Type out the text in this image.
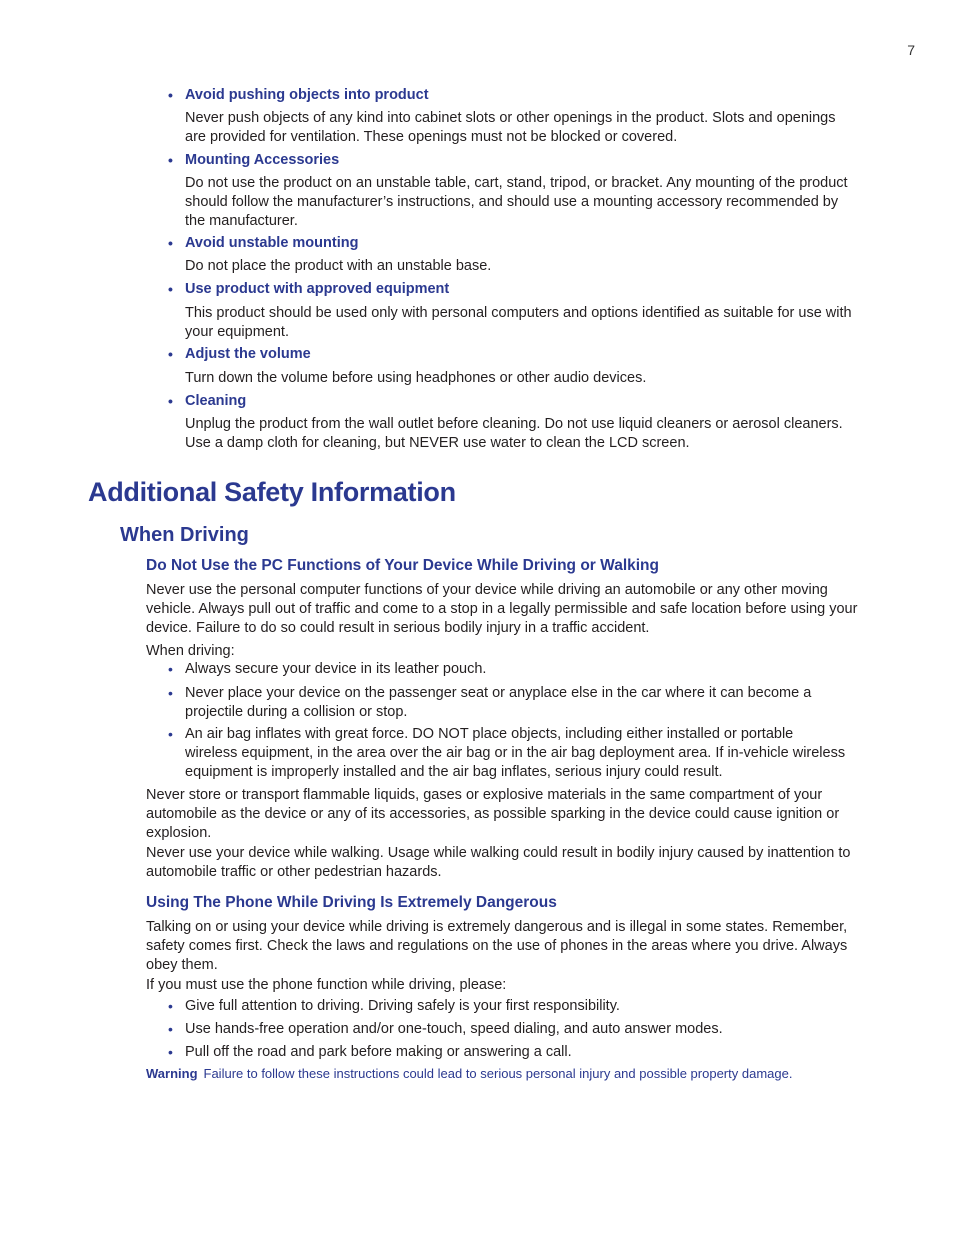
7
• Avoid pushing objects into product
Never push objects of any kind into cabinet slots or other openings in the product. Slots and openings
are provided for ventilation. These openings must not be blocked or covered.
• Mounting Accessories
Do not use the product on an unstable table, cart, stand, tripod, or bracket. Any mounting of the product
should follow the manufacturer’s instructions, and should use a mounting accessory recommended by
the manufacturer.
• Avoid unstable mounting
Do not place the product with an unstable base.
• Use product with approved equipment
This product should be used only with personal computers and options identified as suitable for use with
your equipment.
• Adjust the volume
Turn down the volume before using headphones or other audio devices.
• Cleaning
Unplug the product from the wall outlet before cleaning. Do not use liquid cleaners or aerosol cleaners.
Use a damp cloth for cleaning, but NEVER use water to clean the LCD screen.
Additional Safety Information
When Driving
Do Not Use the PC Functions of Your Device While Driving or Walking
Never use the personal computer functions of your device while driving an automobile or any other moving
vehicle. Always pull out of traffic and come to a stop in a legally permissible and safe location before using your
device. Failure to do so could result in serious bodily injury in a traffic accident.
When driving:
• Always secure your device in its leather pouch.
• Never place your device on the passenger seat or anyplace else in the car where it can become a
projectile during a collision or stop.
• An air bag inflates with great force. DO NOT place objects, including either installed or portable
wireless equipment, in the area over the air bag or in the air bag deployment area. If in-vehicle wireless
equipment is improperly installed and the air bag inflates, serious injury could result.
Never store or transport flammable liquids, gases or explosive materials in the same compartment of your
automobile as the device or any of its accessories, as possible sparking in the device could cause ignition or
explosion.
Never use your device while walking. Usage while walking could result in bodily injury caused by inattention to
automobile traffic or other pedestrian hazards.
Using The Phone While Driving Is Extremely Dangerous
Talking on or using your device while driving is extremely dangerous and is illegal in some states. Remember,
safety comes first. Check the laws and regulations on the use of phones in the areas where you drive. Always
obey them.
If you must use the phone function while driving, please:
• Give full attention to driving. Driving safely is your first responsibility.
• Use hands-free operation and/or one-touch, speed dialing, and auto answer modes.
• Pull off the road and park before making or answering a call.
Warning Failure to follow these instructions could lead to serious personal injury and possible property damage.
